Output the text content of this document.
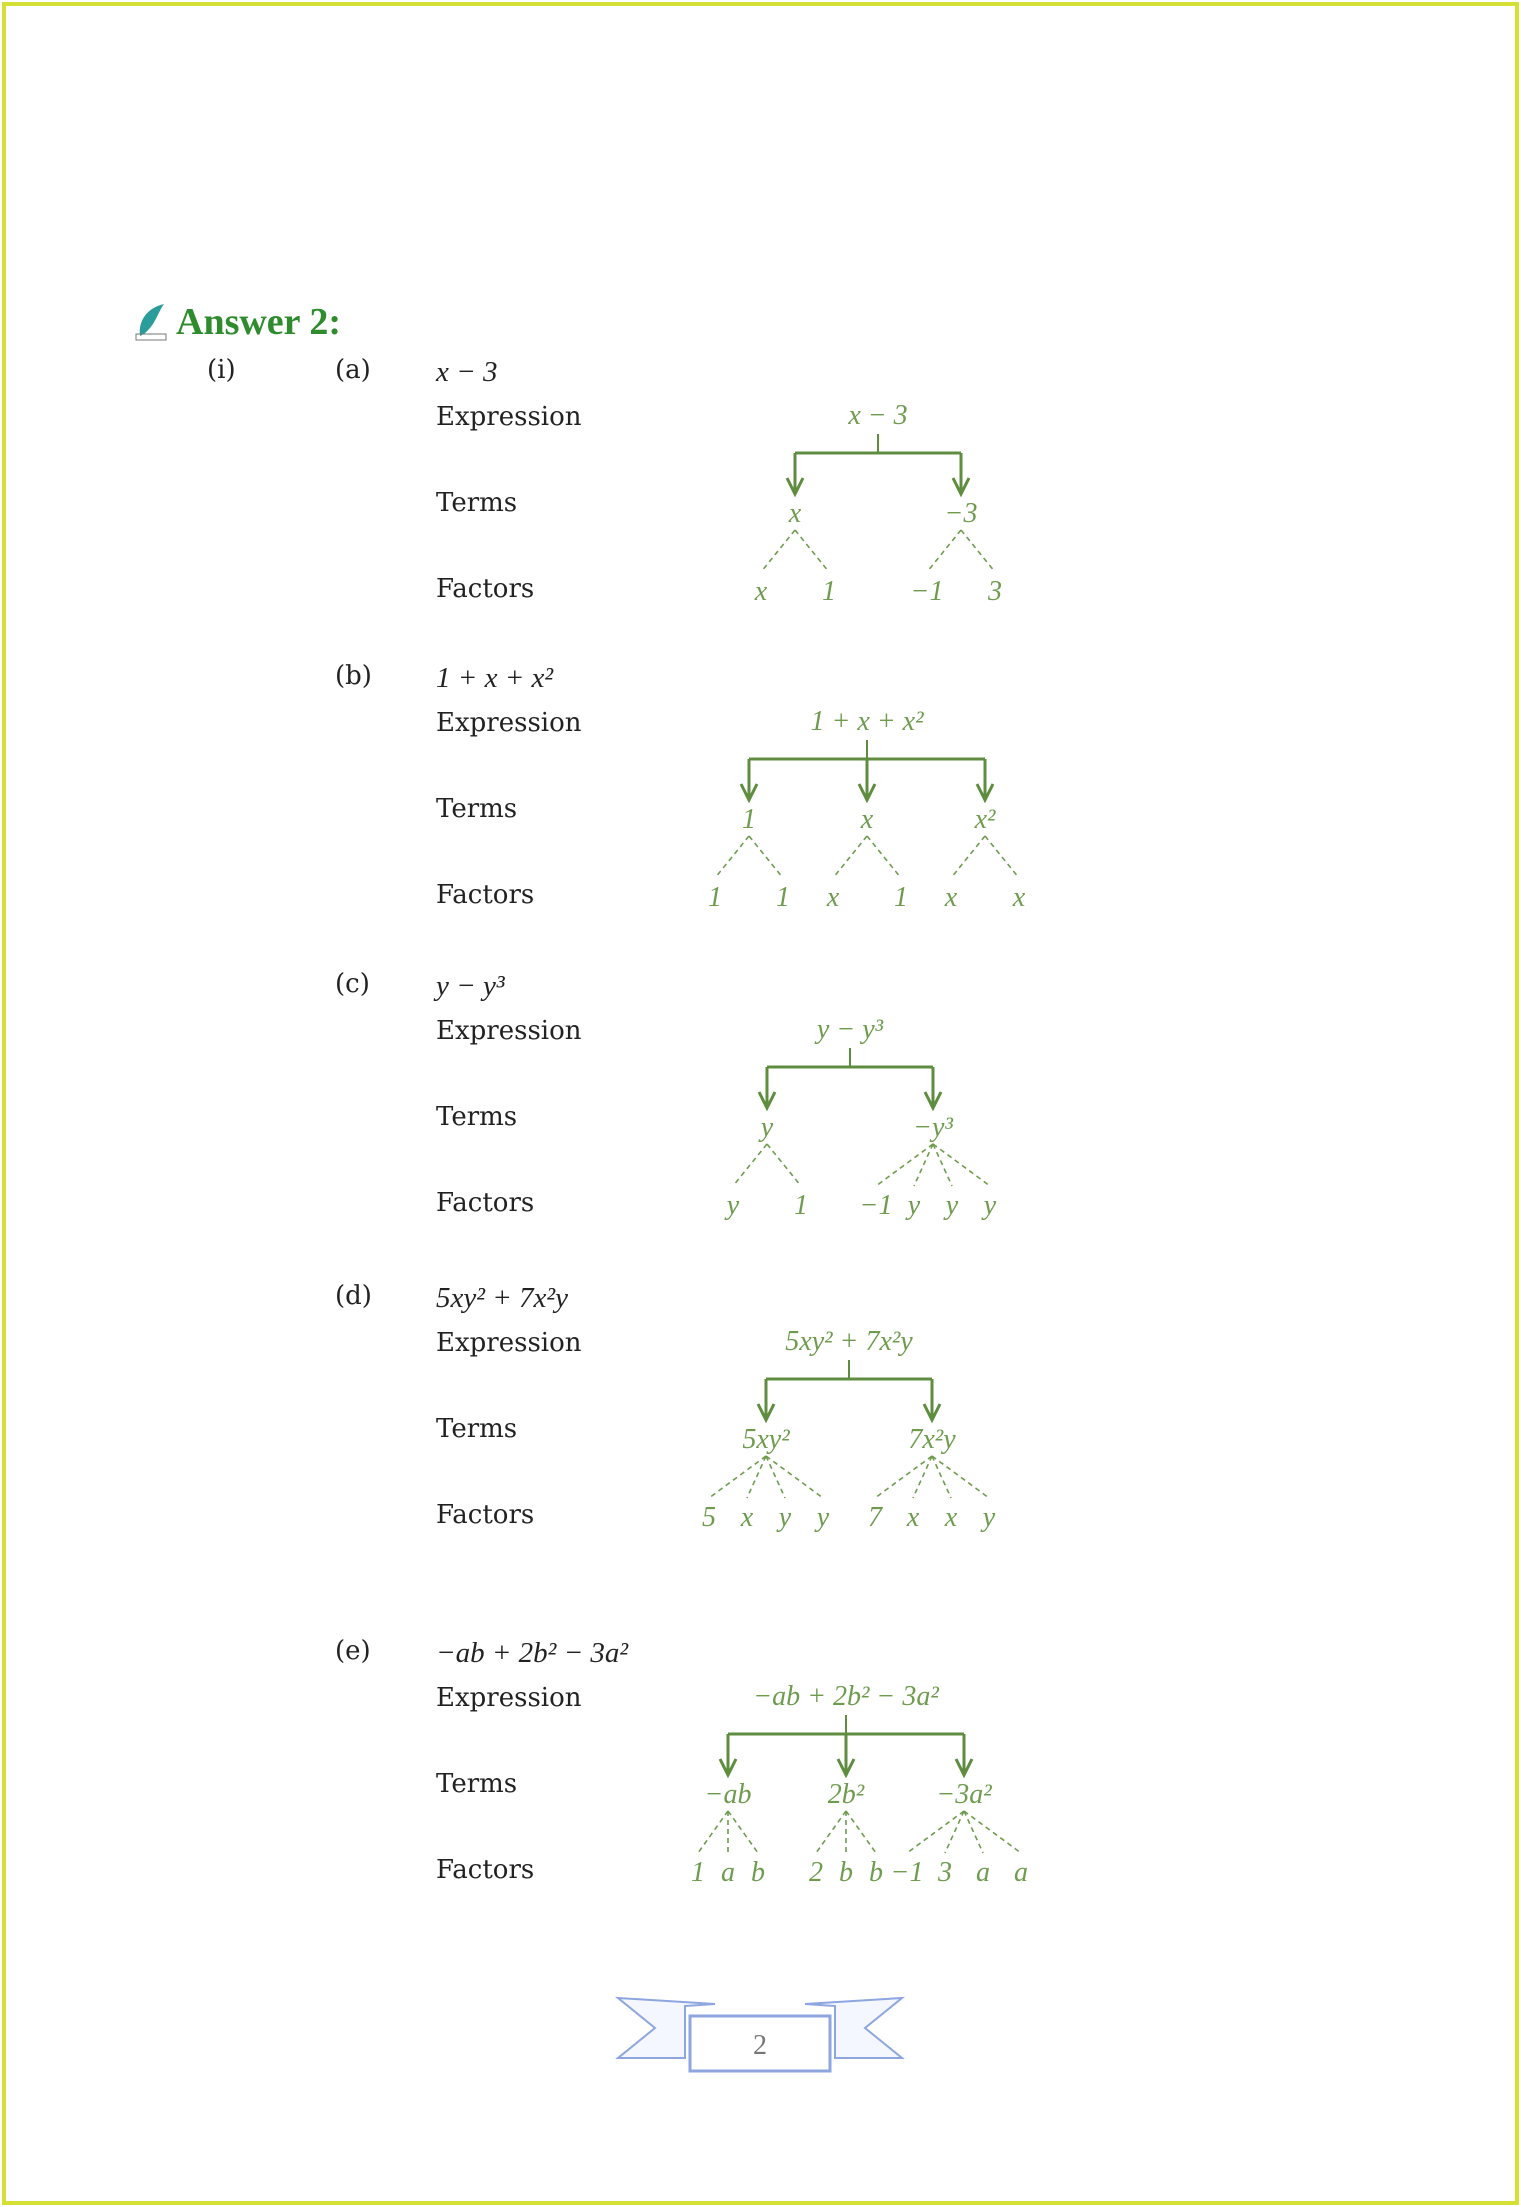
Answer 2:
(i)	(a) x − 3
Expression
Terms
Factors
x − 3
x
x 1
−3
−1 3
(b) 1 + x + x²
Expression
Terms
Factors
1 + x + x²
1
1 1
x
x 1
x²
x x
(c) y − y³
Expression
Terms
Factors
y − y³
y
y 1
−y³
−1 y y y
(d) 5xy² + 7x²y
Expression
Terms
Factors
5xy² + 7x²y
5xy²
5 x y y
7x²y
7 x x y
(e) −ab + 2b² − 3a²
Expression
Terms
Factors
−ab + 2b² − 3a²
−ab
1 a b
2b²
2 b b
−3a²
−1 3 a a
2
